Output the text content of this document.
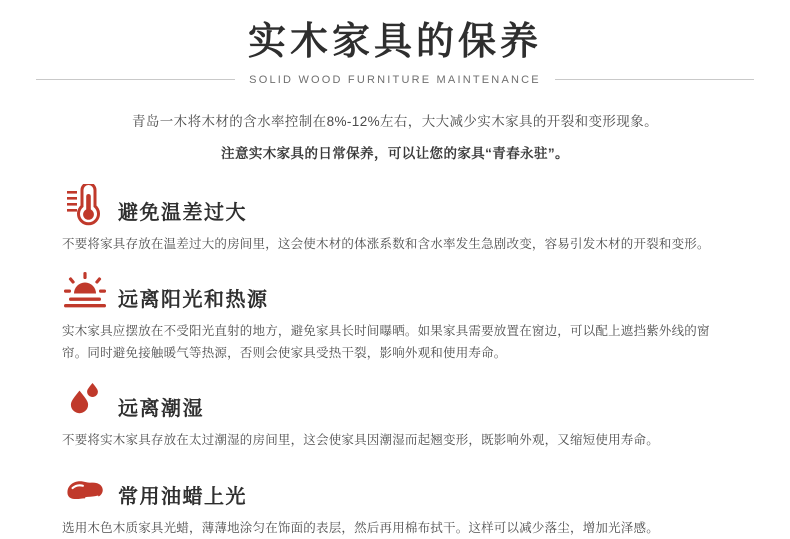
实木家具的保养
SOLID WOOD FURNITURE MAINTENANCE
青岛一木将木材的含水率控制在8%-12%左右，大大减少实木家具的开裂和变形现象。
注意实木家具的日常保养，可以让您的家具“青春永驻”。
避免温差过大
不要将家具存放在温差过大的房间里，这会使木材的体涨系数和含水率发生急剧改变，容易引发木材的开裂和变形。
远离阳光和热源
实木家具应摆放在不受阳光直射的地方，避免家具长时间曝晒。如果家具需要放置在窗边，可以配上遮挡紫外线的窗帘。同时避免接触暖气等热源，否则会使家具受热干裂，影响外观和使用寿命。
远离潮湿
不要将实木家具存放在太过潮湿的房间里，这会使家具因潮湿而起翘变形，既影响外观，又缩短使用寿命。
常用油蜡上光
选用木色木质家具光蜡，薄薄地涂匀在饰面的表层，然后再用棉布拭干。这样可以减少落尘，增加光泽感。
